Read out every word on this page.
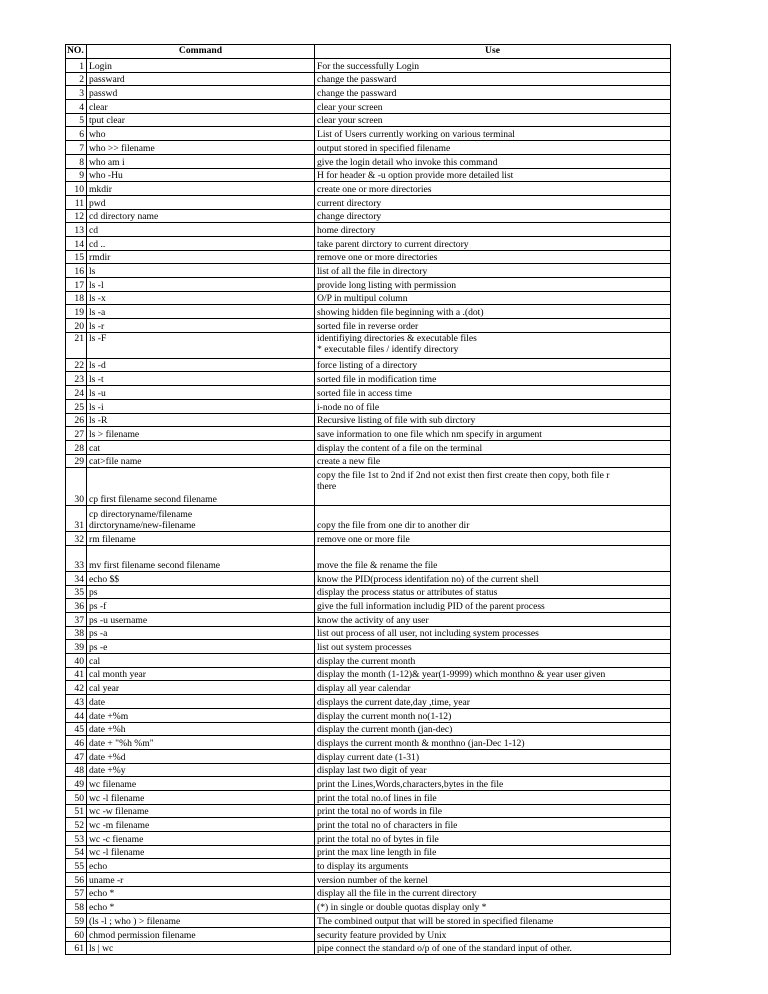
NO.	Command	Use
1	Login	For the successfully Login
2	passward	change the passward
3	passwd	change the passward
4	clear	clear your screen
5	tput clear	clear your screen
6	who	List of Users currently working on various terminal
7	who >> filename	output stored in specified filename
8	who am i	give the login detail who invoke this command
9	who -Hu	H for header & -u option provide more detailed list
10	mkdir	create one or more directories
11	pwd	current directory
12	cd directory name	change directory
13	cd	home directory
14	cd ..	take parent dirctory to current directory
15	rmdir	remove one or more directories
16	ls	list of all the file in directory
17	ls -l	provide long listing with permission
18	ls -x	O/P in multipul column
19	ls -a	showing hidden file beginning with a .(dot)
20	ls -r	sorted file in reverse order
21	ls -F	identifiying directories & executable files
* executable files / identify directory

22	ls -d	force listing of a directory
23	ls -t	sorted file in modification time
24	ls -u	sorted file in access time
25	ls -i	i-node no of file
26	ls -R	Recursive listing of file with sub dirctory
27	ls > filename	save information to one file which nm specify in argument
28	cat	display the content of a file on the terminal
29	cat>file name	create a new file
30	cp first filename second filename	copy the file 1st to 2nd if 2nd not exist then first create then copy, both file r
there

31	cp directoryname/filename
dirctoryname/new-filename	copy the file from one dir to another dir
32	rm filename	remove one or more file
33	mv first filename second filename	move the file & rename the file
34	echo $$	know the PID(process identifation no) of the current shell
35	ps	display the process status or attributes of status
36	ps -f	give the full information includig PID of the parent process
37	ps -u username	know the activity of any user
38	ps -a	list out process of all user, not including system processes
39	ps -e	list out system processes
40	cal	display the current month
41	cal month year	display the month (1-12)& year(1-9999) which monthno & year user given
42	cal year	display all year calendar
43	date	displays the current date,day ,time, year
44	date +%m	display the current month no(1-12)
45	date +%h	display the current month (jan-dec)
46	date + "%h %m"	displays the current month & monthno (jan-Dec 1-12)
47	date +%d	display current date (1-31)
48	date +%y	display last two digit of year
49	wc filename	print the Lines,Words,characters,bytes in the file
50	wc -l filename	print the total no.of lines in file
51	wc -w filename	print the total no of words in file
52	wc -m filename	print the total no of characters in file
53	wc -c fiename	print the total no of bytes in file
54	wc -l filename	print the max line length in file
55	echo	to display its arguments
56	uname -r	version number of the kernel
57	echo *	display all the file in the current directory
58	echo *	(*) in single or double quotas display only *
59	(ls -l ; who ) > filename	The combined output that will be stored in specified filename
60	chmod permission filename	security feature provided by Unix
61	ls | wc	pipe connect the standard o/p of one of the standard input of other.
